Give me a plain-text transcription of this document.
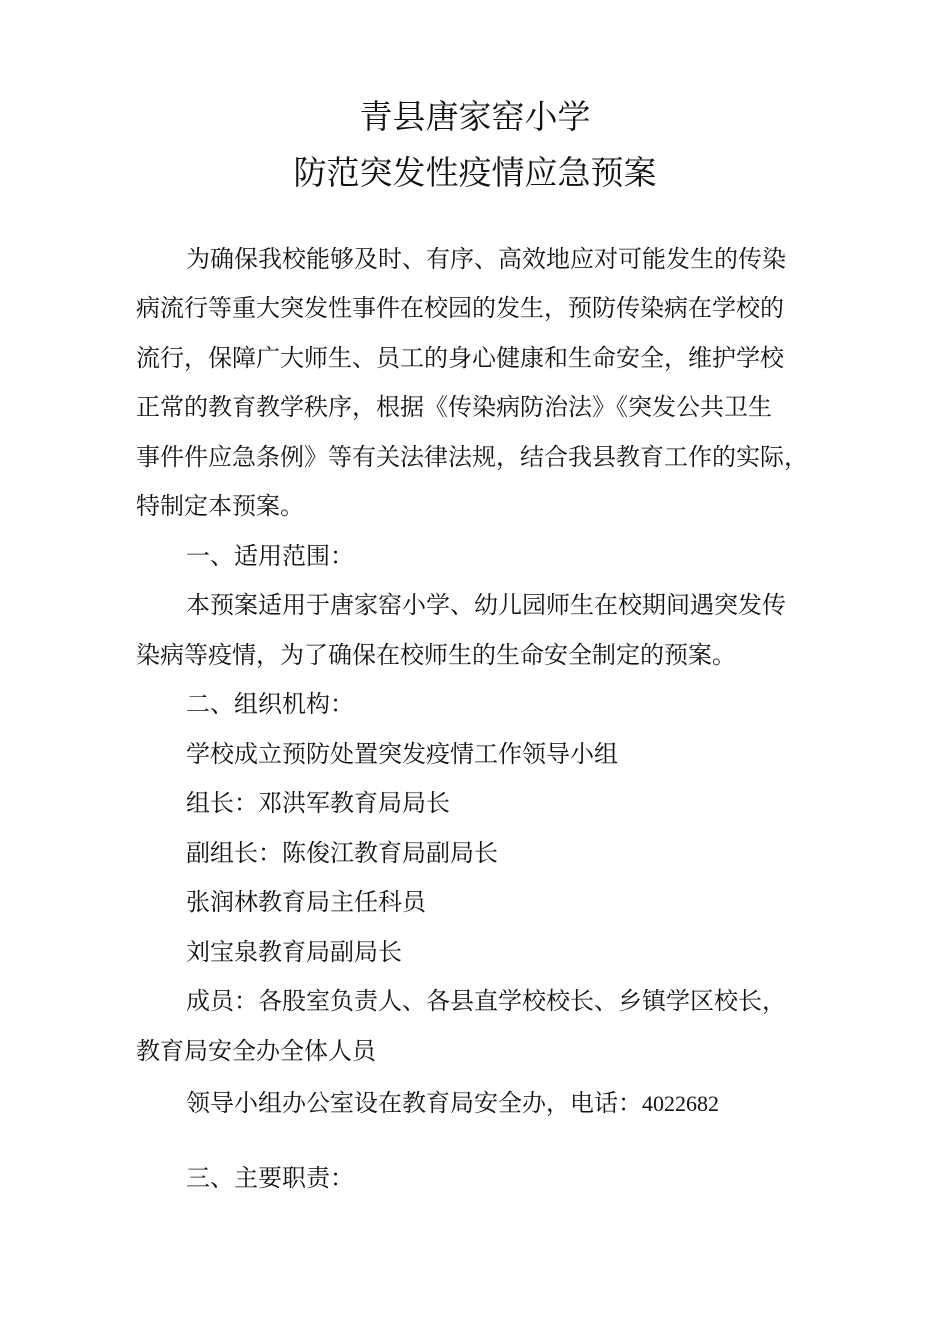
青县唐家窑小学
防范突发性疫情应急预案
为确保我校能够及时、有序、高效地应对可能发生的传染
病流行等重大突发性事件在校园的发生，预防传染病在学校的
流行，保障广大师生、员工的身心健康和生命安全，维护学校
正常的教育教学秩序，根据《传染病防治法》《突发公共卫生
事件件应急条例》等有关法律法规，结合我县教育工作的实际，
特制定本预案。
一、适用范围：
本预案适用于唐家窑小学、幼儿园师生在校期间遇突发传
染病等疫情，为了确保在校师生的生命安全制定的预案。
二、组织机构：
学校成立预防处置突发疫情工作领导小组
组长：邓洪军教育局局长
副组长：陈俊江教育局副局长
张润林教育局主任科员
刘宝泉教育局副局长
成员：各股室负责人、各县直学校校长、乡镇学区校长，
教育局安全办全体人员
领导小组办公室设在教育局安全办，电话：4022682
三、主要职责：
